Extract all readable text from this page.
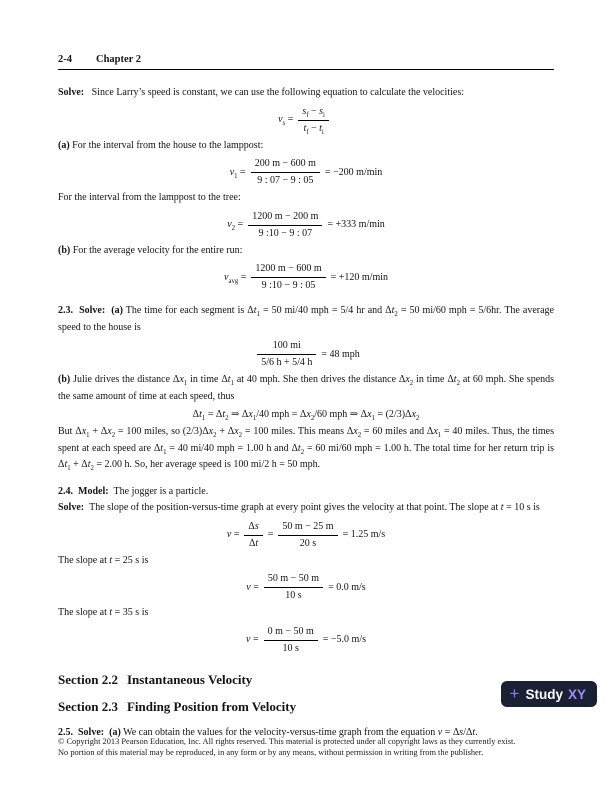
2-4 Chapter 2

Solve:   Since Larry’s speed is constant, we can use the following equation to calculate the velocities:

$v_s = \frac{s_f - s_i}{t_f - t_i}$

(a) For the interval from the house to the lamppost:

$v_1 = \frac{200 m - 600 m}{9 : 07 - 9 : 05} = -200$ m/min

For the interval from the lamppost to the tree:

$v_2 = \frac{1200 m - 200 m}{9 :10 - 9 : 07} = +333$ m/min

(b) For the average velocity for the entire run:

$v_{avg} = \frac{1200 m - 600 m}{9 :10 - 9 : 05} = +120$ m/min

2.3.  Solve:  (a) The time for each segment is $\Delta t_1 = 50$ mi/40 mph = 5/4 hr and $\Delta t_2 = 50$ mi/60 mph = 5/6hr. The average speed to the house is

$\frac{100 mi}{5/6 h + 5/4 h} = 48$ mph

(b) Julie drives the distance $\Delta x_1$ in time $\Delta t_1$ at 40 mph. She then drives the distance $\Delta x_2$ in time $\Delta t_2$ at 60 mph. She spends the same amount of time at each speed, thus

$\Delta t_1 = \Delta t_2$ ⇒ $\Delta x_1/40$ mph = $\Delta x_2/60$ mph ⇒ $\Delta x_1 = (2/3)\Delta x_2$

But $\Delta x_1 + \Delta x_2 = 100$ miles, so $(2/3)\Delta x_2 + \Delta x_2 = 100$ miles. This means $\Delta x_2 = 60$ miles and $\Delta x_1 = 40$ miles. Thus, the times spent at each speed are $\Delta t_1 = 40$ mi/40 mph = 1.00 h and $\Delta t_2 = 60$ mi/60 mph = 1.00 h. The total time for her return trip is $\Delta t_1 + \Delta t_2 = 2.00$ h. So, her average speed is 100 mi/2 h = 50 mph.

2.4.  Model:  The jogger is a particle.

Solve:  The slope of the position-versus-time graph at every point gives the velocity at that point. The slope at t = 10 s is

$v = \frac{\Delta s}{\Delta t} = \frac{50 m - 25 m}{20 s} = 1.25$ m/s

The slope at t = 25 s is

$v = \frac{50 m - 50 m}{10 s} = 0.0$ m/s

The slope at t = 35 s is

$v = \frac{0 m - 50 m}{10 s} = -5.0$ m/s
Section 2.2 Instantaneous Velocity
Section 2.3 Finding Position from Velocity

2.5.  Solve:  (a) We can obtain the values for the velocity-versus-time graph from the equation v = Δs/Δt.

+ Study XY
© Copyright 2013 Pearson Education, Inc. All rights reserved. This material is protected under all copyright laws as they currently exist.
No portion of this material may be reproduced, in any form or by any means, without permission in writing from the publisher.
